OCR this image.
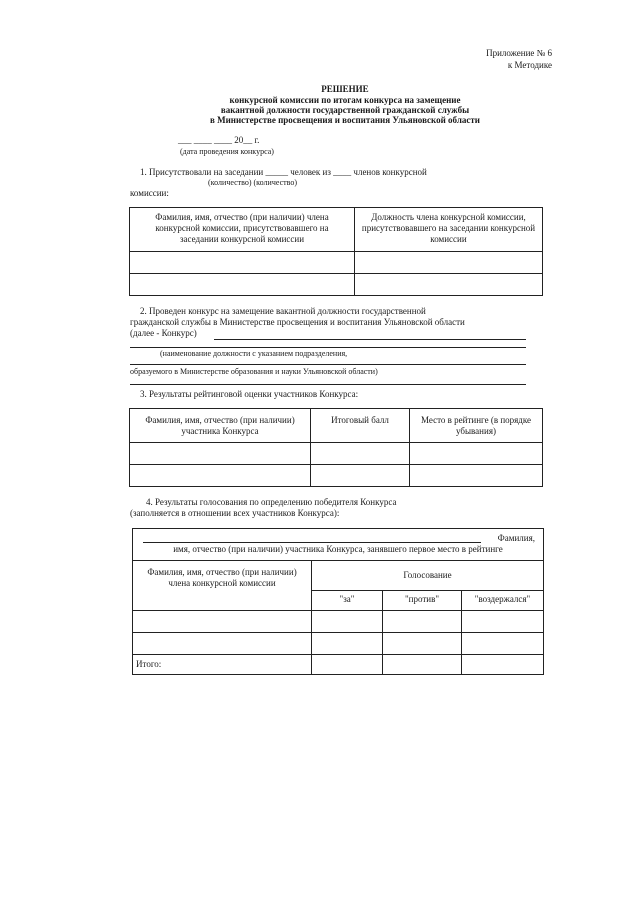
Приложение № 6
к Методике
РЕШЕНИЕ
конкурсной комиссии по итогам конкурса на замещение
вакантной должности государственной гражданской службы
в Министерстве просвещения и воспитания Ульяновской области
___ ____ ____ 20__ г.
(дата проведения конкурса)
1. Присутствовали на заседании _____ человек из ____ членов конкурсной
(количество) (количество)
комиссии:
Фамилия, имя, отчество (при наличии) члена конкурсной комиссии, присутствовавшего на заседании конкурсной комиссии	Должность члена конкурсной комиссии, присутствовавшего на заседании конкурсной комиссии

2. Проведен конкурс на замещение вакантной должности государственной
гражданской службы в Министерстве просвещения и воспитания Ульяновской области
(далее - Конкурс)
(наименование должности с указанием подразделения,
образуемого в Министерстве образования и науки Ульяновской области)
3. Результаты рейтинговой оценки участников Конкурса:
Фамилия, имя, отчество (при наличии) участника Конкурса	Итоговый балл	Место в рейтинге (в порядке убывания)

4. Результаты голосования по определению победителя Конкурса
(заполняется в отношении всех участников Конкурса):
Фамилия,
имя, отчество (при наличии) участника Конкурса, занявшего первое место в рейтинге			

Фамилия, имя, отчество (при наличии) члена конкурсной комиссии	Голосование		
	"за"	"против"	"воздержался"

Итого:			
